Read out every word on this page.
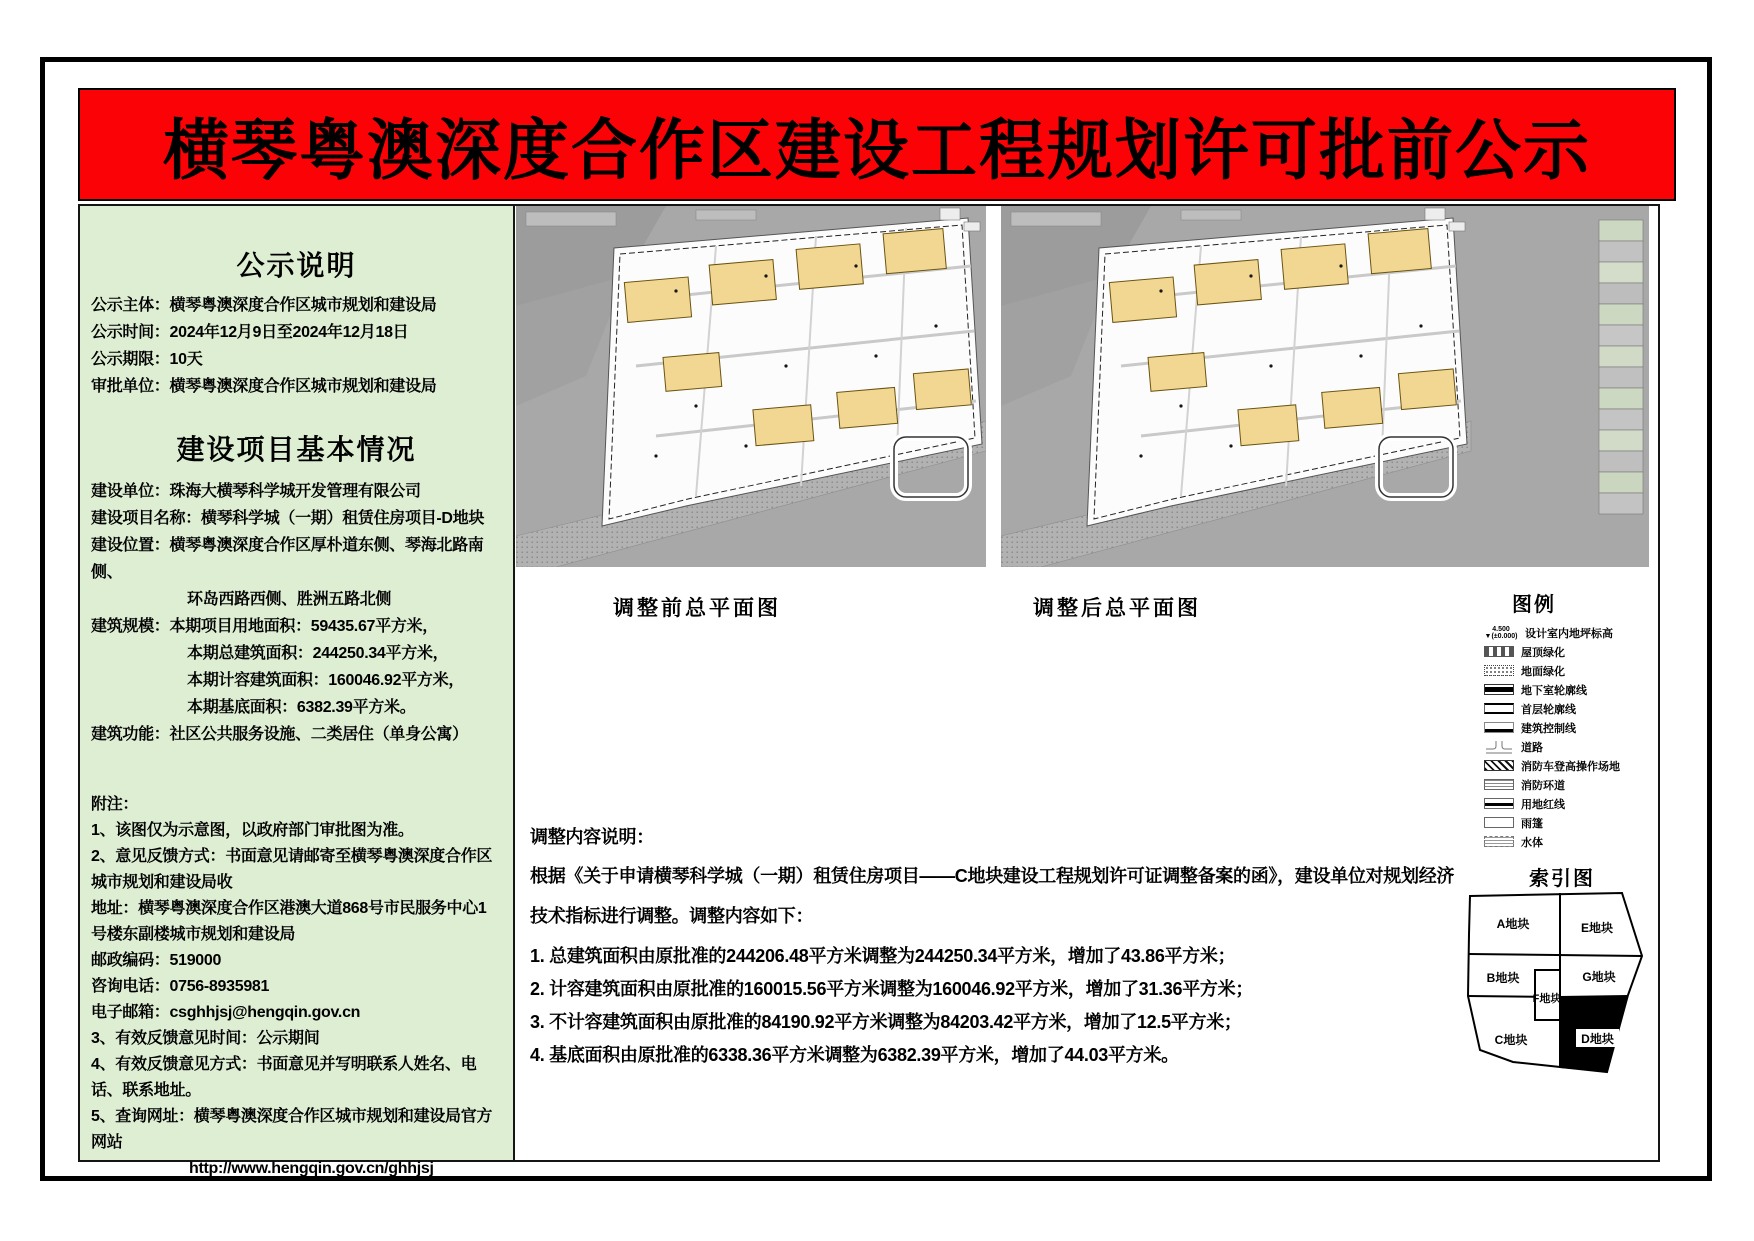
横琴粤澳深度合作区建设工程规划许可批前公示
公示说明
公示主体：横琴粤澳深度合作区城市规划和建设局
公示时间：2024年12月9日至2024年12月18日
公示期限：10天
审批单位：横琴粤澳深度合作区城市规划和建设局
建设项目基本情况
建设单位：珠海大横琴科学城开发管理有限公司
建设项目名称：横琴科学城（一期）租赁住房项目-D地块
建设位置：横琴粤澳深度合作区厚朴道东侧、琴海北路南侧、
环岛西路西侧、胜洲五路北侧
建筑规模：本期项目用地面积：59435.67平方米，
本期总建筑面积：244250.34平方米，
本期计容建筑面积：160046.92平方米，
本期基底面积：6382.39平方米。
建筑功能：社区公共服务设施、二类居住（单身公寓）
附注：
1、该图仅为示意图，以政府部门审批图为准。
2、意见反馈方式：书面意见请邮寄至横琴粤澳深度合作区城市规划和建设局收
地址：横琴粤澳深度合作区港澳大道868号市民服务中心1号楼东副楼城市规划和建设局
邮政编码：519000
咨询电话：0756-8935981
电子邮箱：csghhjsj@hengqin.gov.cn
3、有效反馈意见时间：公示期间
4、有效反馈意见方式：书面意见并写明联系人姓名、电话、联系地址。
5、查询网址：横琴粤澳深度合作区城市规划和建设局官方网站
http://www.hengqin.gov.cn/ghhjsj
调整前总平面图	调整后总平面图	图例
4.500
▼(±0.000) 设计室内地坪标高
屋顶绿化
地面绿化
地下室轮廓线
首层轮廓线
建筑控制线
道路
消防车登高操作场地
消防环道
用地红线
雨篷
水体
索引图
A地块	E地块
B地块	G地块
F地块
C地块	D地块
调整内容说明：
根据《关于申请横琴科学城（一期）租赁住房项目——C地块建设工程规划许可证调整备案的函》，建设单位对规划经济技术指标进行调整。调整内容如下：
1. 总建筑面积由原批准的244206.48平方米调整为244250.34平方米，增加了43.86平方米；
2. 计容建筑面积由原批准的160015.56平方米调整为160046.92平方米，增加了31.36平方米；
3. 不计容建筑面积由原批准的84190.92平方米调整为84203.42平方米，增加了12.5平方米；
4. 基底面积由原批准的6338.36平方米调整为6382.39平方米，增加了44.03平方米。
